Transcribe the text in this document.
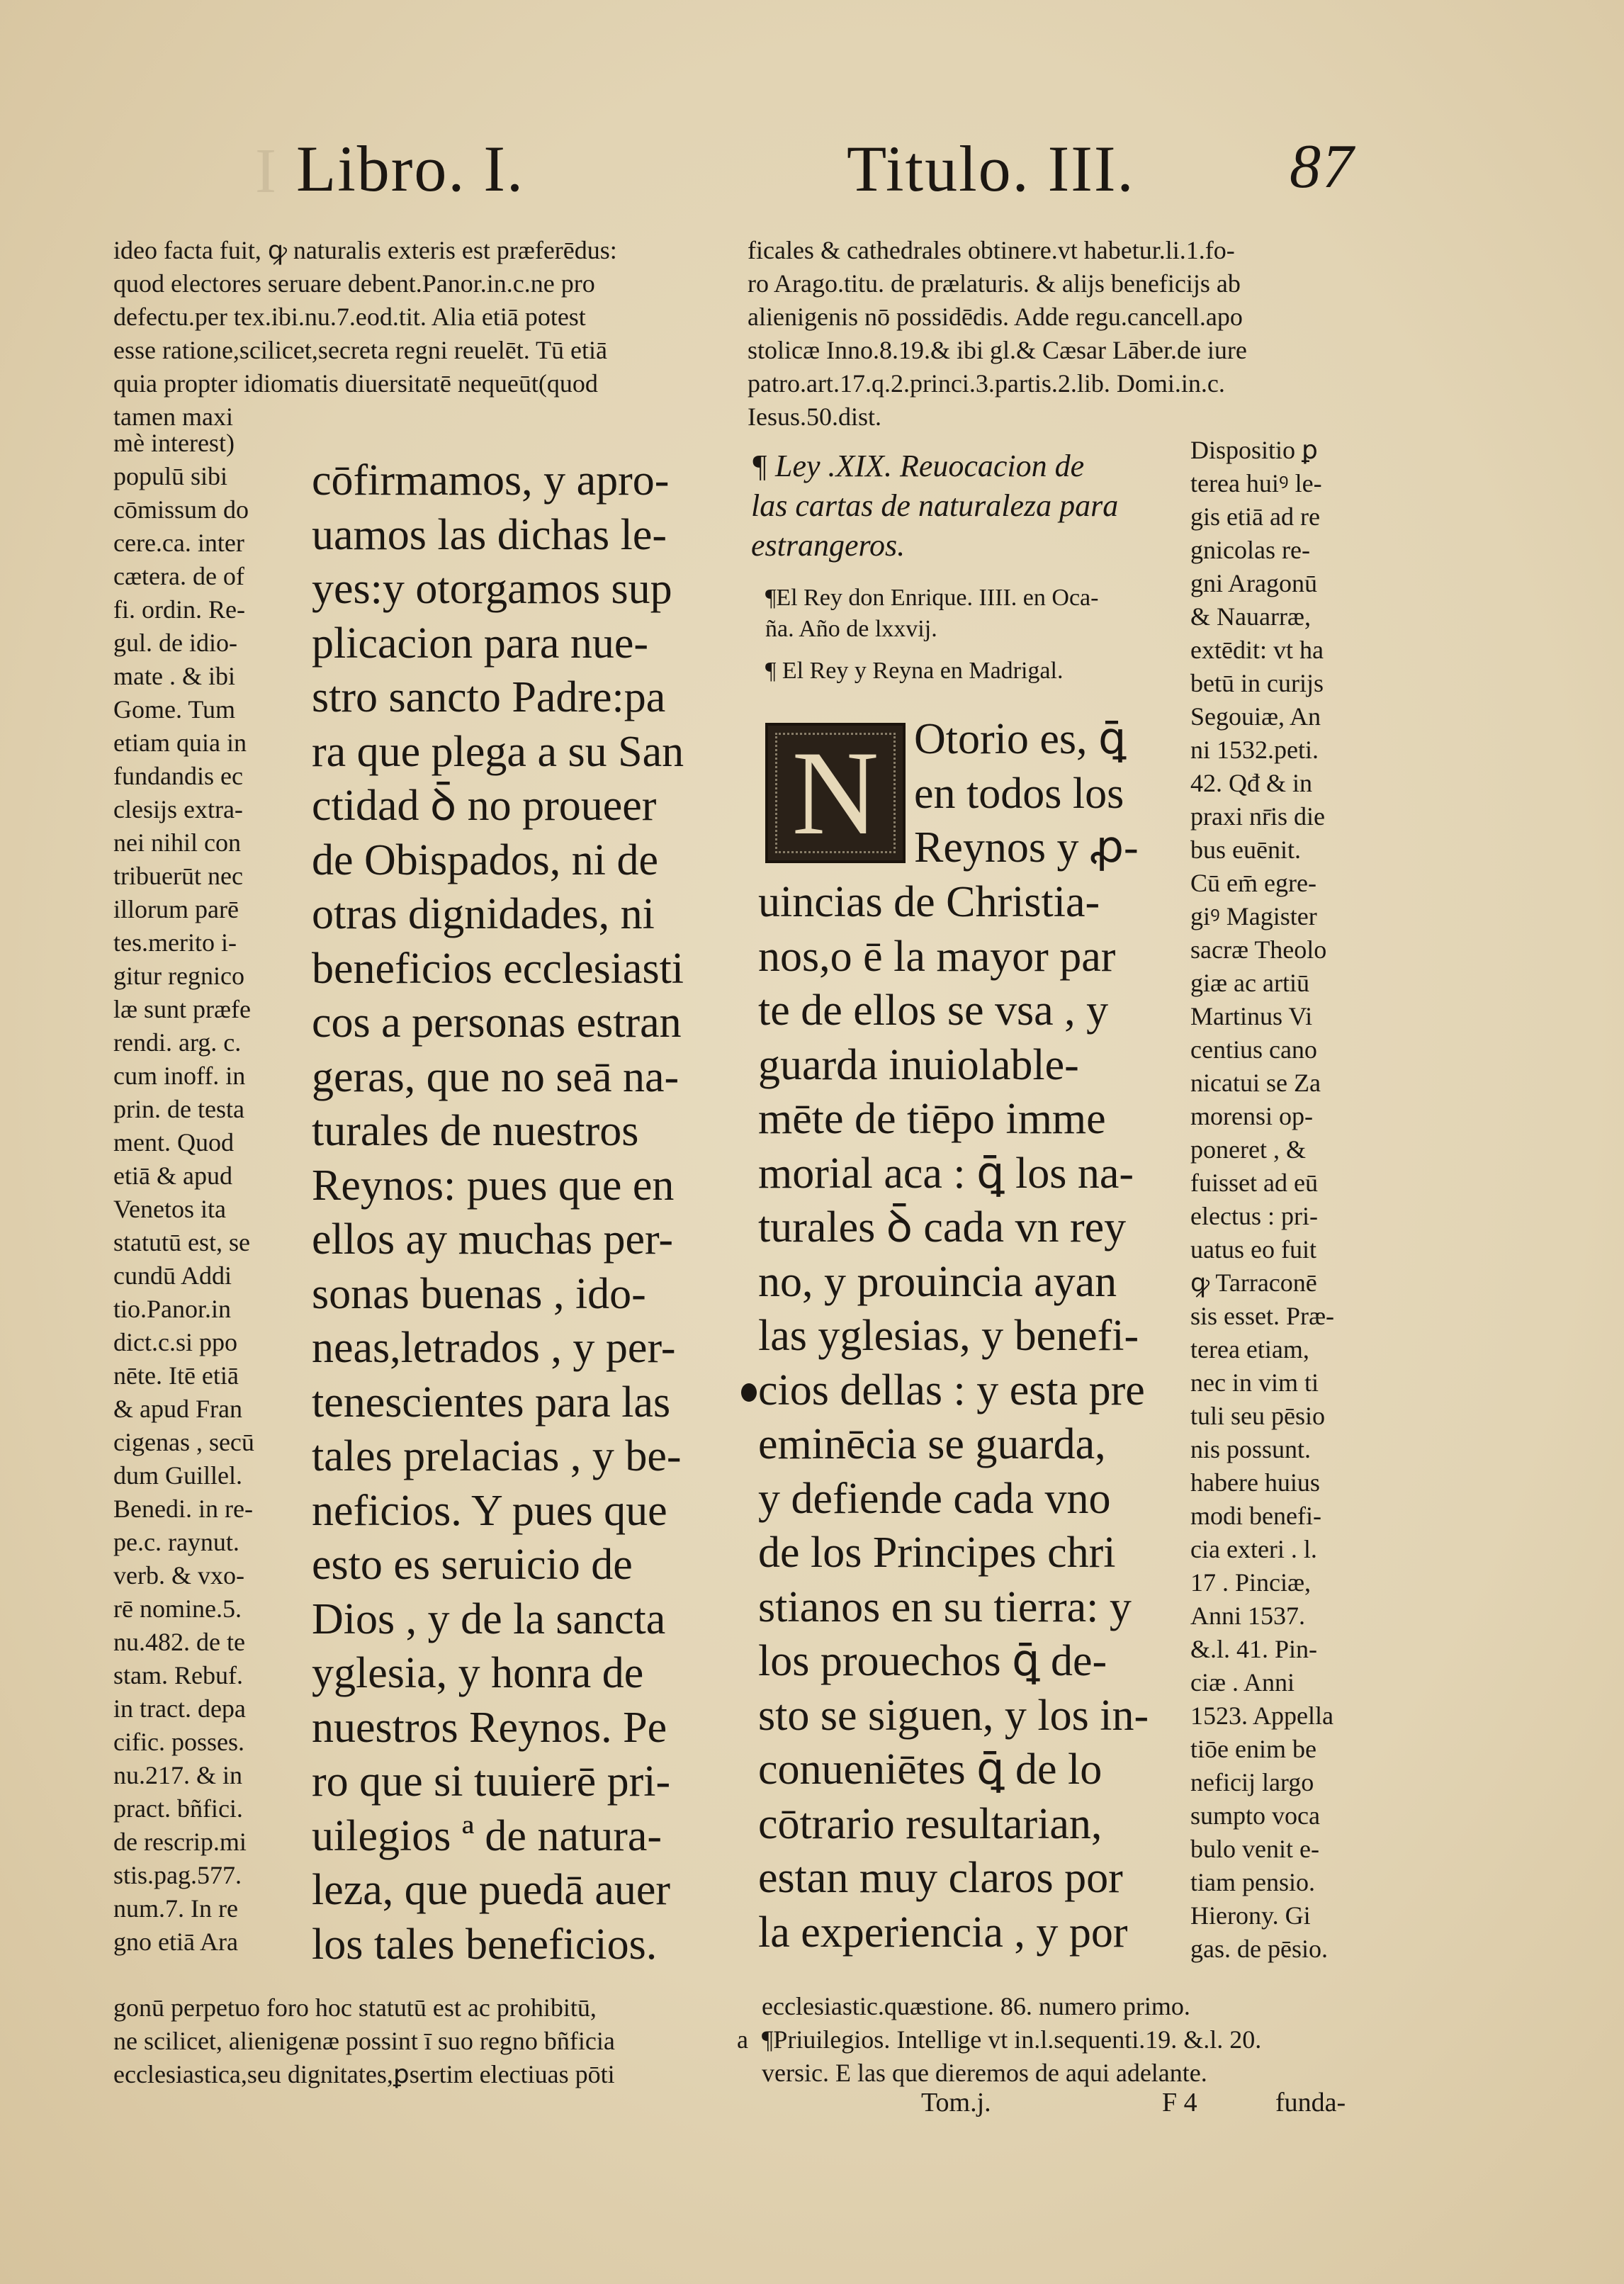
I Libro. I.	Titulo. III. 87
ideo facta fuit, ꝙ naturalis exteris est præferēdus:
quod electores seruare debent.Panor.in.c.ne pro
defectu.per tex.ibi.nu.7.eod.tit. Alia etiā potest
esse ratione,scilicet,secreta regni reuelēt. Tū etiā
quia propter idiomatis diuersitatē nequeūt(quod
tamen maxi
mè interest)
populū sibi
cōmissum do
cere.ca. inter
cætera. de of
fi. ordin. Re-
gul. de idio-
mate . & ibi
Gome. Tum
etiam quia in
fundandis ec
clesijs extra-
nei nihil con
tribuerūt nec
illorum parē
tes.merito i-
gitur regnico
læ sunt præfe
rendi. arg. c.
cum inoff. in
prin. de testa
ment. Quod
etiā & apud
Venetos ita
statutū est, se
cundū Addi
tio.Panor.in
dict.c.si ppo
nēte. Itē etiā
& apud Fran
cigenas , secū
dum Guillel.
Benedi. in re-
pe.c. raynut.
verb. & vxo-
rē nomine.5.
nu.482. de te
stam. Rebuf.
in tract. depa
cific. posses.
nu.217. & in
pract. bñfici.
de rescrip.mi
stis.pag.577.
num.7. In re
gno etiā Ara
gonū perpetuo foro hoc statutū est ac prohibitū,
ne scilicet, alienigenæ possint ī suo regno bñficia
ecclesiastica,seu dignitates,ꝑsertim electiuas pōti
cōfirmamos, y apro-
uamos las dichas le-
yes:y otorgamos sup
plicacion para nue-
stro sancto Padre:pa
ra que plega a su San
ctidad ꝺ̄ no proueer
de Obispados, ni de
otras dignidades, ni
beneficios ecclesiasti
cos a personas estran
geras, que no seā na-
turales de nuestros
Reynos: pues que en
ellos ay muchas per-
sonas buenas , ido-
neas,letrados , y per-
tenescientes para las
tales prelacias , y be-
neficios. Y pues que
esto es seruicio de
Dios , y de la sancta
yglesia, y honra de
nuestros Reynos. Pe
ro que si tuuierē pri-
uilegios ª de natura-
leza, que puedā auer
los tales beneficios.
ficales & cathedrales obtinere.vt habetur.li.1.fo-
ro Arago.titu. de prælaturis. & alijs beneficijs ab
alienigenis nō possidēdis. Adde regu.cancell.apo
stolicæ Inno.8.19.& ibi gl.& Cæsar Lāber.de iure
patro.art.17.q.2.princi.3.partis.2.lib. Domi.in.c.
Iesus.50.dist.
¶ Ley .XIX. Reuocacion de
las cartas de naturaleza para
estrangeros.
¶El Rey don Enrique. IIII. en Oca-
ña. Año de lxxvij.
¶ El Rey y Reyna en Madrigal.
N Otorio es, ꝗ̄
en todos los
Reynos y ꝓ-
uincias de Christia-
nos,o ē la mayor par
te de ellos se vsa , y
guarda inuiolable-
mēte de tiēpo imme
morial aca : ꝗ̄ los na-
turales ꝺ̄ cada vn rey
no, y prouincia ayan
las yglesias, y benefi-
cios dellas : y esta pre
eminēcia se guarda,
y defiende cada vno
de los Principes chri
stianos en su tierra: y
los prouechos ꝗ̄ de-
sto se siguen, y los in-
conueniētes ꝗ̄ de lo
cōtrario resultarian,
estan muy claros por
la experiencia , y por
Dispositio ꝑ
terea huiꝰ le-
gis etiā ad re
gnicolas re-
gni Aragonū
& Nauarræ,
extēdit: vt ha
betū in curijs
Segouiæ, An
ni 1532.peti.
42. Qđ & in
praxi nr̄is die
bus euēnit.
Cū em̄ egre-
giꝰ Magister
sacræ Theolo
giæ ac artiū
Martinus Vi
centius cano
nicatui se Za
morensi op-
poneret , &
fuisset ad eū
electus : pri-
uatus eo fuit
ꝙ Tarraconē
sis esset. Præ-
terea etiam,
nec in vim ti
tuli seu pēsio
nis possunt.
habere huius
modi benefi-
cia exteri . l.
17 . Pinciæ,
Anni 1537.
&.l. 41. Pin-
ciæ . Anni
1523. Appella
tiōe enim be
neficij largo
sumpto voca
bulo venit e-
tiam pensio.
Hierony. Gi
gas. de pēsio.
a
ecclesiastic.quæstione. 86. numero primo.
¶Priuilegios. Intellige vt in.l.sequenti.19. &.l. 20.
versic. E las que dieremos de aqui adelante.
Tom.j.	F 4	funda-
